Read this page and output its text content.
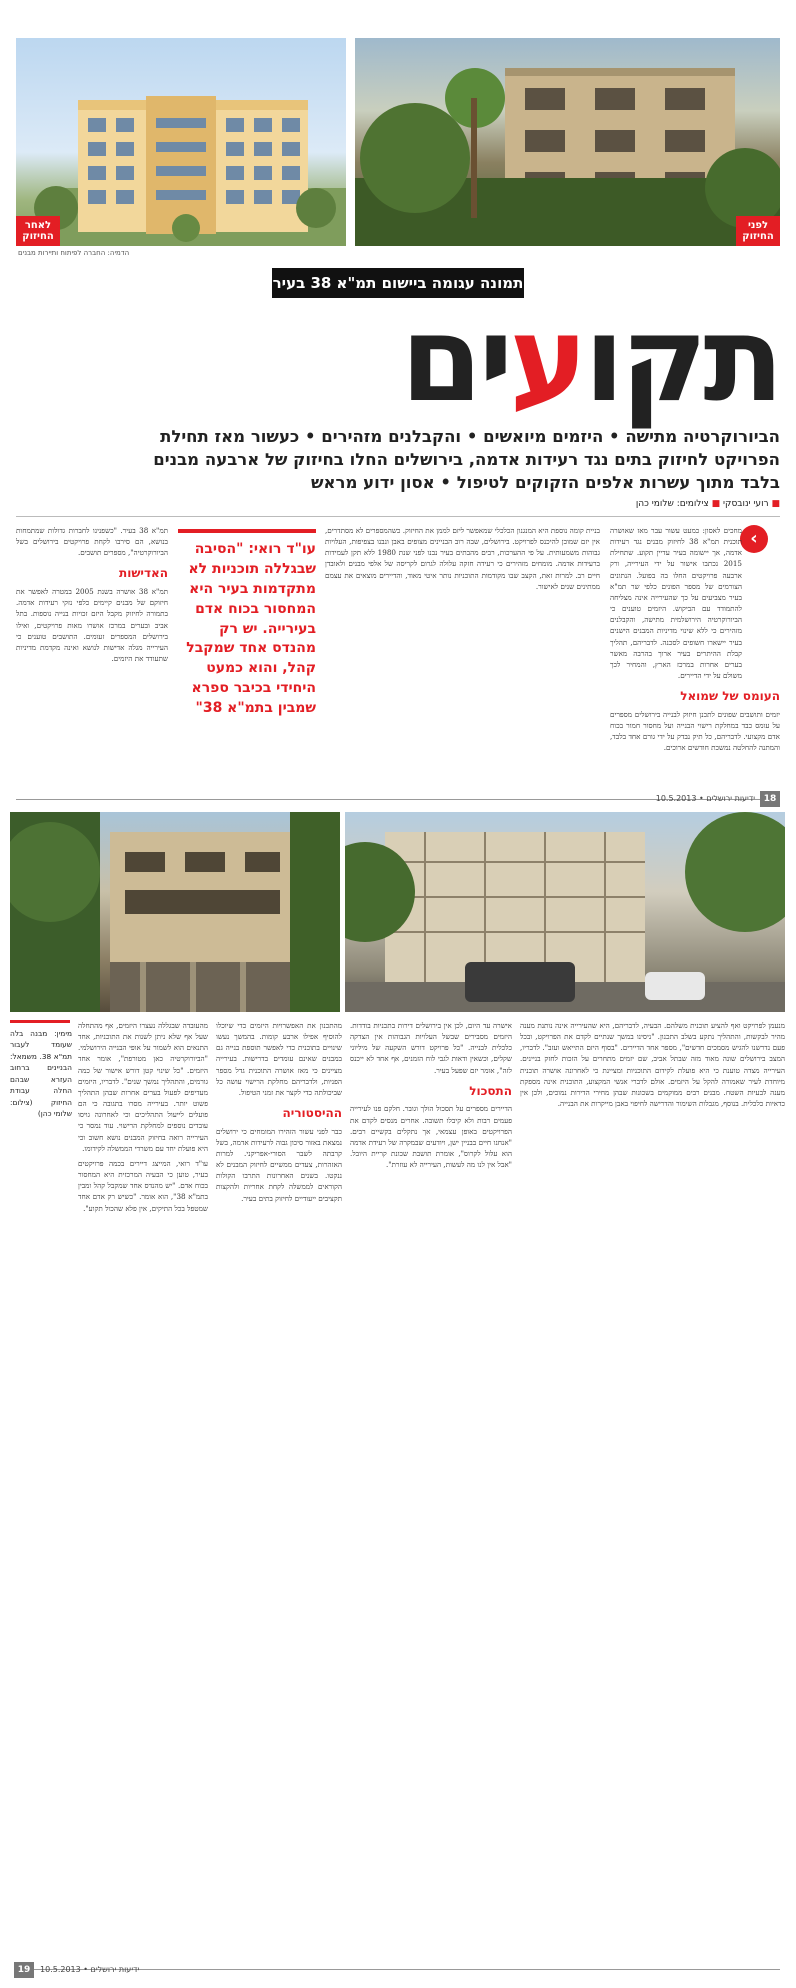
לאחר החיזוק
הדמיה: החברה לפיתוח ותיירות מבנים
לפני החיזוק
תמונה עגומה ביישום תמ"א 38 בעיר
תקועים
הביורוקרטיה מתישה • היזמים מיואשים • והקבלנים מזהירים • כעשור מאז תחילת הפרויקט לחיזוק בתים נגד רעידות אדמה, בירושלים החלו בחיזוק של ארבעה מבנים בלבד מתוך עשרות אלפים הזקוקים לטיפול • אסון ידוע מראש
■ רועי ינובסקי ■ צילומים: שלומי כהן
‹
מחכים לאסון: כמעט עשור עבר מאז שאושרה תוכנית תמ"א 38 לחיזוק מבנים נגד רעידות אדמה, אך יישומה בעיר עדיין תקוע. שתחילת 2015 נכתבו אישור על ידי העירייה, ורק ארבעה פרויקטים החלו בה בפועל. הנתונים הצורמים של מספר הפונים כלפי שר תמ"א בעיר מצביעים על כך שהעירייה אינה מצליחה להתמודד עם הביקוש. היזמים טוענים כי הביורוקרטיה הירושלמית מתישה, והקבלנים מזהירים כי ללא שינוי מדיניות המבנים הישנים בעיר יישארו חשופים לסכנה. לדבריהם, תהליך קבלת ההיתרים בעיר ארוך בהרבה מאשר בערים אחרות במרכז הארץ, והמחיר לכך משולם על ידי הדיירים.
העומס של שמואל
יזמים ותושבים שפונים לתכנן חיזוק לבנייה בירושלים מספרים על עומס כבד במחלקת רישוי הבנייה ועל מחסור חמור בכוח אדם מקצועי. לדבריהם, כל תיק נבדק על ידי גורם אחד בלבד, והמתנה להחלטה נמשכת חודשים ארוכים.
בניית קומה נוספת היא המנגנון הכלכלי שמאפשר ליזם לממן את החיזוק. כשהמספרים לא מסתדרים, אין יזם שמוכן להיכנס לפרויקט. בירושלים, שבה רוב הבניינים מצופים באבן ונבנו בצפיפות, העלויות גבוהות משמעותית. על פי ההערכות, רבים מהבתים בעיר נבנו לפני שנת 1980 ללא תקן לעמידות ברעידות אדמה. מומחים מזהירים כי רעידה חזקה עלולה לגרום לקריסה של אלפי מבנים ולאובדן חיים רב. למרות זאת, הקצב שבו מקודמות התוכניות נותר איטי מאוד, והדיירים מוצאים את עצמם ממתינים שנים לאישור.
עו"ד רואי: "הסיבה שבגללה תוכניות לא מתקדמות בעיר היא המחסור בכוח אדם בעירייה. יש רק מהנדס אחד שמקבל קהל, והוא כמעט היחידי בכיבר ספרא שמבין בתמ"א 38"
תמ"א 38 בעיר. "כשפנינו לחברות גדולות שמתמחות בנושא, הם סירבו לקחת פרויקטים בירושלים בשל הביורוקרטיה", מספרים תושבים.
האדישות
תמ"א 38 אושרה בשנת 2005 במטרה לאפשר את חיזוקם של מבנים קיימים כלפי נזקי רעידות אדמה. בתמורה לחיזוק מקבל היזם זכויות בנייה נוספות. בתל אביב ובערים במרכז אושרו מאות פרויקטים, ואילו בירושלים המספרים זעומים. התושבים טוענים כי העירייה מגלה אדישות לנושא ואינה מקדמת מדיניות שתעודד את היזמים.
18
ידיעות ירושלים • 10.5.2013
מנעמן לפרויקט ואף להציע תוכנית משלהם. הבעיה, לדבריהם, היא שהעירייה אינה נותנת מענה מהיר לבקשות, והתהליך נתקע בשלב התכנון. "ניסינו במשך שנתיים לקדם את הפרויקט, ובכל פעם נדרשנו להגיש מסמכים חדשים", מספר אחד הדיירים. "בסוף היזם התייאש ועזב". לדבריו, המצב בירושלים שונה מאוד מזה שבתל אביב, שם יזמים מתחרים על הזכות לחזק בניינים. העירייה מצדה טוענת כי היא פועלת לקידום התוכניות ומציינת כי לאחרונה אושרה תוכנית מיוחדת לעיר שאמורה להקל על היזמים. אולם לדברי אנשי המקצוע, התוכנית אינה מספקת מענה לבעיות השטח. מבנים רבים ממוקמים בשכונות שבהן מחירי הדירות נמוכים, ולכן אין כדאיות כלכלית. בנוסף, מגבלות השימור והדרישה לחיפוי באבן מייקרות את הבנייה.
אישרה עד היום, לכן אין בירושלים דירות בתכניות בודדות. היזמים מסבירים שבשל העלויות הגבוהות אין הצדקה כלכלית לבנייה. "כל פרויקט דורש השקעה של מיליוני שקלים, וכשאין ודאות לגבי לוח הזמנים, אף אחד לא ייכנס לזה", אומר יזם שפעל בעיר.
התסכול
הדיירים מספרים על תסכול הולך וגובר. חלקם פנו לעירייה פעמים רבות ולא קיבלו תשובה. אחרים מנסים לקדם את הפרויקטים באופן עצמאי, אך נתקלים בקשיים רבים. "אנחנו חיים בבניין ישן, ויודעים שבמקרה של רעידת אדמה הוא עלול לקרוס", אומרת תושבת שכונת קריית היובל. "אבל אין לנו מה לעשות, העירייה לא עוזרת".
מהתכנון את האפשרויות היזמים כדי שיוכלו להוסיף אפילו ארבע קומות. בהמשך נעשו שינויים בתוכנית כדי לאפשר תוספת בנייה גם במבנים שאינם עומדים בדרישות. בעירייה מציינים כי מאז אושרה התוכנית גדל מספר הפניות, ולדבריהם מחלקת הרישוי עושה כל שביכולתה כדי לקצר את זמני הטיפול.
ההיסטוריה
כבר לפני עשור הזהירו המומחים כי ירושלים נמצאת באזור סיכון גבוה לרעידות אדמה, בשל קרבתה לשבר הסורי-אפריקני. למרות האזהרות, צעדים ממשיים לחיזוק המבנים לא ננקטו. בשנים האחרונות התרבו הקולות הקוראים לממשלה לקחת אחריות ולהקצות תקציבים ייעודיים לחיזוק בתים בעיר.
מהעובדה שבגללה נעצרו היזמים, אף מהתחלה שעל אף שלא ניתן לשנות את התוכניות, אחד התנאים הוא לשמור על אופי הבנייה הירושלמי. "הביורוקרטיה כאן מטורפת", אומר אחד היזמים. "כל שינוי קטן דורש אישור של כמה גורמים, והתהליך נמשך שנים". לדבריו, היזמים מעדיפים לפעול בערים אחרות שבהן התהליך פשוט יותר. בעירייה מסרו בתגובה כי הם פועלים לייעול התהליכים וכי לאחרונה גויסו עובדים נוספים למחלקת הרישוי. עוד נמסר כי העירייה רואה בחיזוק המבנים נושא חשוב וכי היא פועלת יחד עם משרדי הממשלה לקידומו.
עו"ד רואי, המייצג דיירים בכמה פרויקטים בעיר, טוען כי הבעיה המרכזית היא המחסור בכוח אדם. "יש מהנדס אחד שמקבל קהל ומבין בתמ"א 38", הוא אומר. "כשיש רק אדם אחד שמטפל בכל התיקים, אין פלא שהכול תקוע".
מימין: מבנה בלה שעומד לעבור תמ"א 38. משמאל: הבניינים ברחוב העזרא שבהם החלה עבודת החיזוק (צילום: שלומי כהן)
19	10.5.2013 • ידיעות ירושלים
